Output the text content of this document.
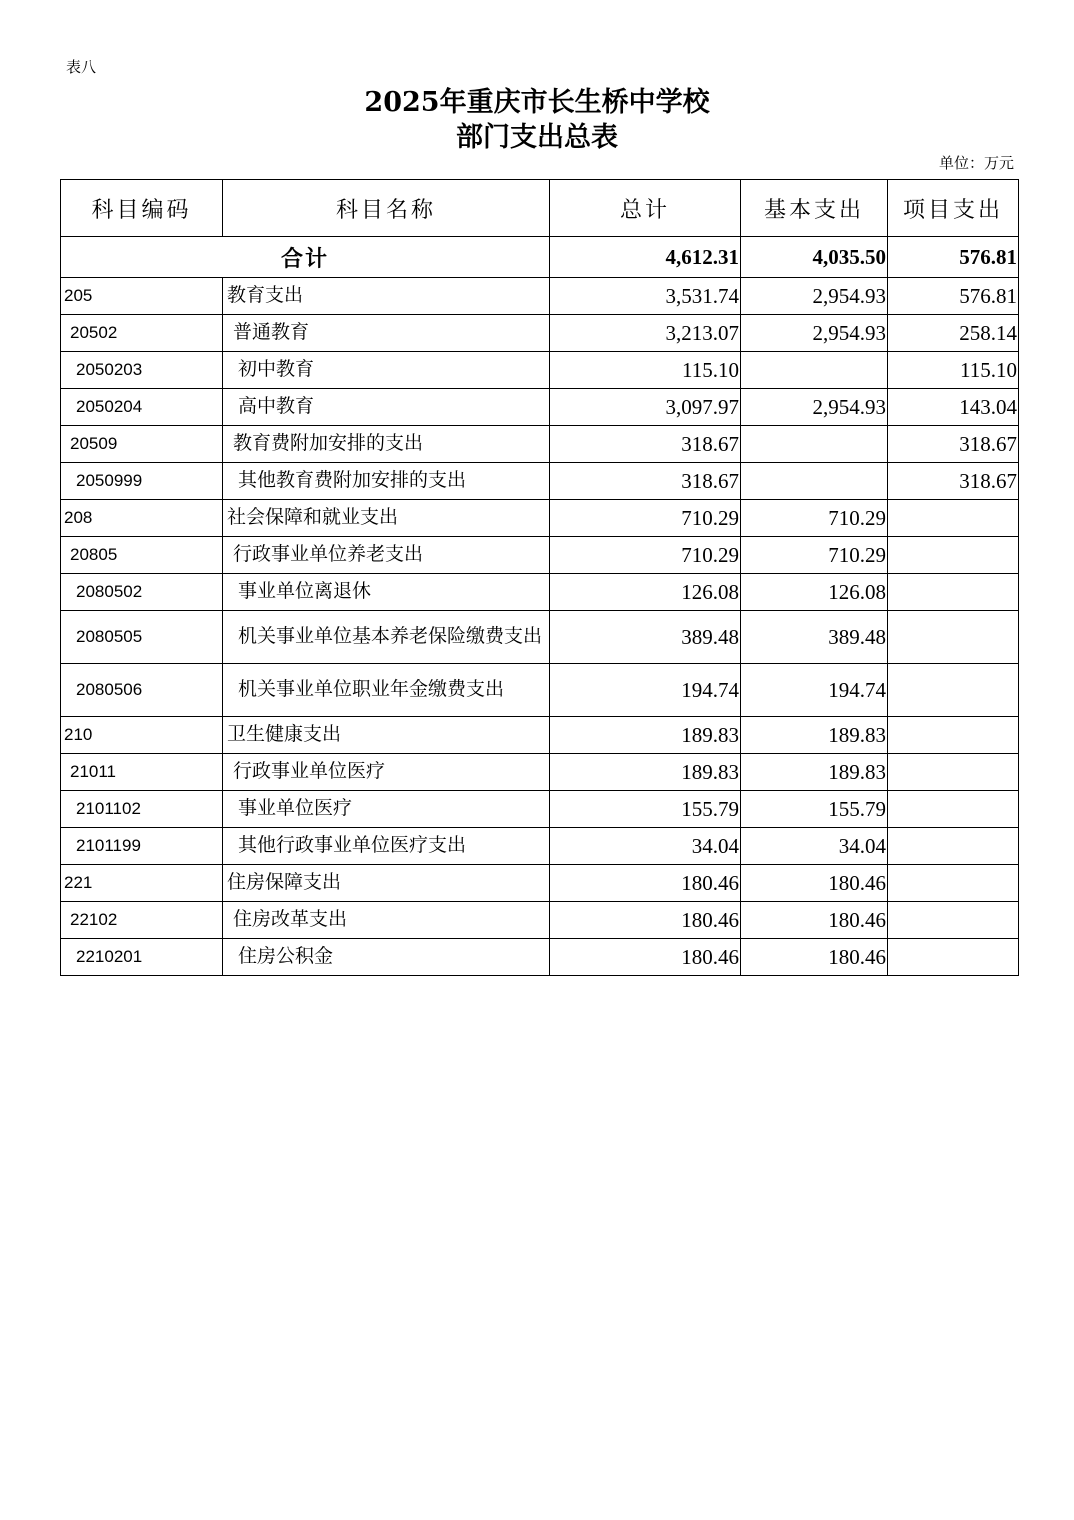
表八
2025年重庆市长生桥中学校
部门支出总表
单位：万元
科目编码	科目名称	总计	基本支出	项目支出
合计		4,612.31	4,035.50	576.81
205	教育支出	3,531.74	2,954.93	576.81
20502	普通教育	3,213.07	2,954.93	258.14
2050203	初中教育	115.10		115.10
2050204	高中教育	3,097.97	2,954.93	143.04
20509	教育费附加安排的支出	318.67		318.67
2050999	其他教育费附加安排的支出	318.67		318.67
208	社会保障和就业支出	710.29	710.29	
20805	行政事业单位养老支出	710.29	710.29	
2080502	事业单位离退休	126.08	126.08	
2080505	机关事业单位基本养老保险缴费支出	389.48	389.48	
2080506	机关事业单位职业年金缴费支出	194.74	194.74	
210	卫生健康支出	189.83	189.83	
21011	行政事业单位医疗	189.83	189.83	
2101102	事业单位医疗	155.79	155.79	
2101199	其他行政事业单位医疗支出	34.04	34.04	
221	住房保障支出	180.46	180.46	
22102	住房改革支出	180.46	180.46	
2210201	住房公积金	180.46	180.46	
